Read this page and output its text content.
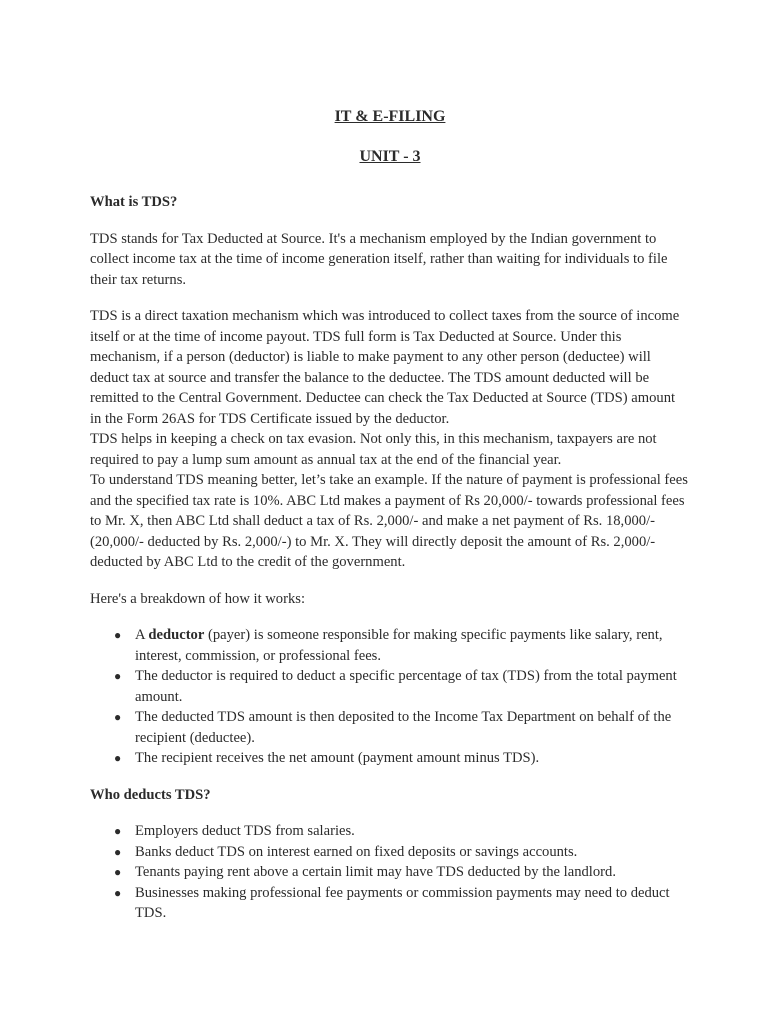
IT & E-FILING

UNIT - 3

What is TDS?

TDS stands for Tax Deducted at Source. It's a mechanism employed by the Indian government to collect income tax at the time of income generation itself, rather than waiting for individuals to file their tax returns.

TDS is a direct taxation mechanism which was introduced to collect taxes from the source of income itself or at the time of income payout. TDS full form is Tax Deducted at Source. Under this mechanism, if a person (deductor) is liable to make payment to any other person (deductee) will deduct tax at source and transfer the balance to the deductee. The TDS amount deducted will be remitted to the Central Government. Deductee can check the Tax Deducted at Source (TDS) amount in the Form 26AS for TDS Certificate issued by the deductor.

TDS helps in keeping a check on tax evasion. Not only this, in this mechanism, taxpayers are not required to pay a lump sum amount as annual tax at the end of the financial year.

To understand TDS meaning better, let’s take an example. If the nature of payment is professional fees and the specified tax rate is 10%. ABC Ltd makes a payment of Rs 20,000/- towards professional fees to Mr. X, then ABC Ltd shall deduct a tax of Rs. 2,000/- and make a net payment of Rs. 18,000/- (20,000/- deducted by Rs. 2,000/-) to Mr. X. They will directly deposit the amount of Rs. 2,000/- deducted by ABC Ltd to the credit of the government.

Here's a breakdown of how it works:

● A deductor (payer) is someone responsible for making specific payments like salary, rent, interest, commission, or professional fees.
● The deductor is required to deduct a specific percentage of tax (TDS) from the total payment amount.
● The deducted TDS amount is then deposited to the Income Tax Department on behalf of the recipient (deductee).
● The recipient receives the net amount (payment amount minus TDS).

Who deducts TDS?

● Employers deduct TDS from salaries.
● Banks deduct TDS on interest earned on fixed deposits or savings accounts.
● Tenants paying rent above a certain limit may have TDS deducted by the landlord.
● Businesses making professional fee payments or commission payments may need to deduct TDS.
